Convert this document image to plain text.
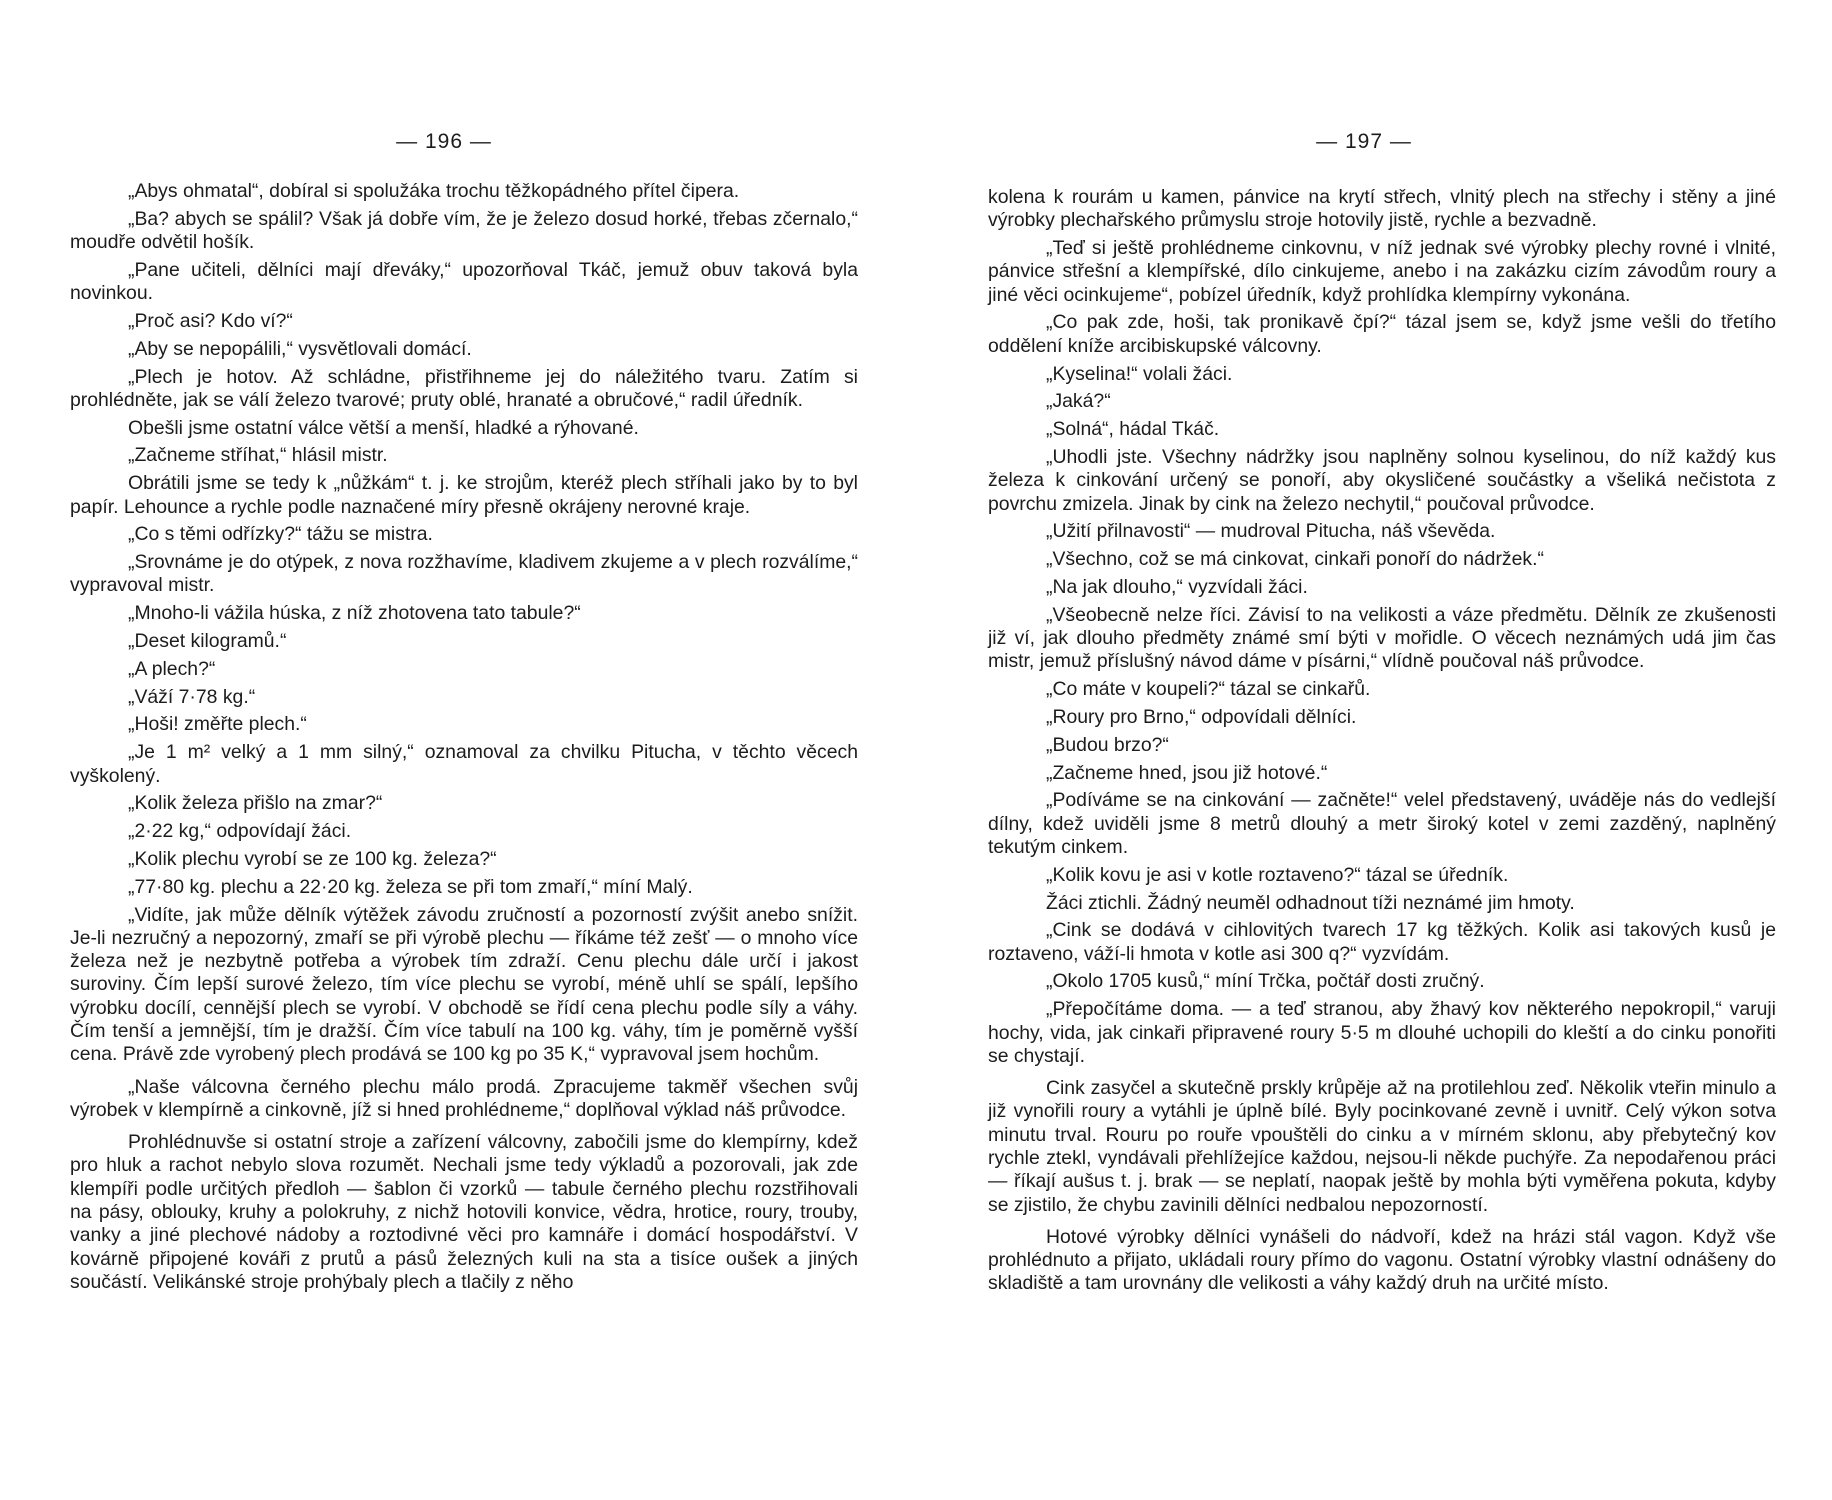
— 196 —

„Abys ohmatal“, dobíral si spolužáka trochu těžkopádného přítel čipera.

„Ba? abych se spálil? Však já dobře vím, že je železo dosud horké, třebas zčernalo,“ moudře odvětil hošík.

„Pane učiteli, dělníci mají dřeváky,“ upozorňoval Tkáč, jemuž obuv taková byla novinkou.

„Proč asi? Kdo ví?“

„Aby se nepopálili,“ vysvětlovali domácí.

„Plech je hotov. Až schládne, přistřihneme jej do náležitého tvaru. Zatím si prohlédněte, jak se válí železo tvarové; pruty oblé, hranaté a obručové,“ radil úředník.

Obešli jsme ostatní válce větší a menší, hladké a rýhované.

„Začneme stříhat,“ hlásil mistr.

Obrátili jsme se tedy k „nůžkám“ t. j. ke strojům, kteréž plech stříhali jako by to byl papír. Lehounce a rychle podle naznačené míry přesně okrájeny nerovné kraje.

„Co s těmi odřízky?“ tážu se mistra.

„Srovnáme je do otýpek, z nova rozžhavíme, kladivem zkujeme a v plech rozválíme,“ vypravoval mistr.

„Mnoho-li vážila húska, z níž zhotovena tato tabule?“

„Deset kilogramů.“

„A plech?“

„Váží 7·78 kg.“

„Hoši! změřte plech.“

„Je 1 m² velký a 1 mm silný,“ oznamoval za chvilku Pitucha, v těchto věcech vyškolený.

„Kolik železa přišlo na zmar?“

„2·22 kg,“ odpovídají žáci.

„Kolik plechu vyrobí se ze 100 kg. železa?“

„77·80 kg. plechu a 22·20 kg. železa se při tom zmaří,“ míní Malý.

„Vidíte, jak může dělník výtěžek závodu zručností a pozorností zvýšit anebo snížit. Je-li nezručný a nepozorný, zmaří se při výrobě plechu — říkáme též zešť — o mnoho více železa než je nezbytně potřeba a výrobek tím zdraží. Cenu plechu dále určí i jakost suroviny. Čím lepší surové železo, tím více plechu se vyrobí, méně uhlí se spálí, lepšího výrobku docílí, cennější plech se vyrobí. V obchodě se řídí cena plechu podle síly a váhy. Čím tenší a jemnější, tím je dražší. Čím více tabulí na 100 kg. váhy, tím je poměrně vyšší cena. Právě zde vyrobený plech prodává se 100 kg po 35 K,“ vypravoval jsem hochům.

„Naše válcovna černého plechu málo prodá. Zpracujeme takměř všechen svůj výrobek v klempírně a cinkovně, jíž si hned prohlédneme,“ doplňoval výklad náš průvodce.

Prohlédnuvše si ostatní stroje a zařízení válcovny, zabočili jsme do klempírny, kdež pro hluk a rachot nebylo slova rozumět. Nechali jsme tedy výkladů a pozorovali, jak zde klempíři podle určitých předloh — šablon či vzorků — tabule černého plechu rozstřihovali na pásy, oblouky, kruhy a polokruhy, z nichž hotovili konvice, vědra, hrotice, roury, trouby, vanky a jiné plechové nádoby a roztodivné věci pro kamnáře i domácí hospodářství. V kovárně připojené kováři z prutů a pásů železných kuli na sta a tisíce oušek a jiných součástí. Velikánské stroje prohýbaly plech a tlačily z něho

— 197 —

kolena k rourám u kamen, pánvice na krytí střech, vlnitý plech na střechy i stěny a jiné výrobky plechařského průmyslu stroje hotovily jistě, rychle a bezvadně.

„Teď si ještě prohlédneme cinkovnu, v níž jednak své výrobky plechy rovné i vlnité, pánvice střešní a klempířské, dílo cinkujeme, anebo i na zakázku cizím závodům roury a jiné věci ocinkujeme“, pobízel úředník, když prohlídka klempírny vykonána.

„Co pak zde, hoši, tak pronikavě čpí?“ tázal jsem se, když jsme vešli do třetího oddělení knížе arcibiskupské válcovny.

„Kyselina!“ volali žáci.

„Jaká?“

„Solná“, hádal Tkáč.

„Uhodli jste. Všechny nádržky jsou naplněny solnou kyselinou, do níž každý kus železa k cinkování určený se ponoří, aby okysličené součástky a všeliká nečistota z povrchu zmizela. Jinak by cink na železo nechytil,“ poučoval průvodce.

„Užití přilnavosti“ — mudroval Pitucha, náš vševěda.

„Všechno, což se má cinkovat, cinkaři ponoří do nádržek.“

„Na jak dlouho,“ vyzvídali žáci.

„Všeobecně nelze říci. Závisí to na velikosti a váze předmětu. Dělník ze zkušenosti již ví, jak dlouho předměty známé smí býti v mořidle. O věcech neznámých udá jim čas mistr, jemuž příslušný návod dáme v písárni,“ vlídně poučoval náš průvodce.

„Co máte v koupeli?“ tázal se cinkařů.

„Roury pro Brno,“ odpovídali dělníci.

„Budou brzo?“

„Začneme hned, jsou již hotové.“

„Podíváme se na cinkování — začněte!“ velel představený, uváděje nás do vedlejší dílny, kdež uviděli jsme 8 metrů dlouhý a metr široký kotel v zemi zazděný, naplněný tekutým cinkem.

„Kolik kovu je asi v kotle roztaveno?“ tázal se úředník.

Žáci ztichli. Žádný neuměl odhadnout tíži neznámé jim hmoty.

„Cink se dodává v cihlovitých tvarech 17 kg těžkých. Kolik asi takových kusů je roztaveno, váží-li hmota v kotle asi 300 q?“ vyzvídám.

„Okolo 1705 kusů,“ míní Trčka, počtář dosti zručný.

„Přepočítáme doma. — a teď stranou, aby žhavý kov některého nepokropil,“ varuji hochy, vida, jak cinkaři připravené roury 5·5 m dlouhé uchopili do kleští a do cinku ponořiti se chystají.

Cink zasyčel a skutečně prskly krůpěje až na protilehlou zeď. Několik vteřin minulo a již vynořili roury a vytáhli je úplně bílé. Byly pocinkované zevně i uvnitř. Celý výkon sotva minutu trval. Rouru po rouře vpouštěli do cinku a v mírném sklonu, aby přebytečný kov rychle ztekl, vyndávali přehlížejíce každou, nejsou-li někde puchýře. Za nepodařenou práci — říkají aušus t. j. brak — se neplatí, naopak ještě by mohla býti vyměřena pokuta, kdyby se zjistilo, že chybu zavinili dělníci nedbalou nepozorností.

Hotové výrobky dělníci vynášeli do nádvoří, kdež na hrázi stál vagon. Když vše prohlédnuto a přijato, ukládali roury přímo do vagonu. Ostatní výrobky vlastní odnášeny do skladiště a tam urovnány dle velikosti a váhy každý druh na určité místo.
